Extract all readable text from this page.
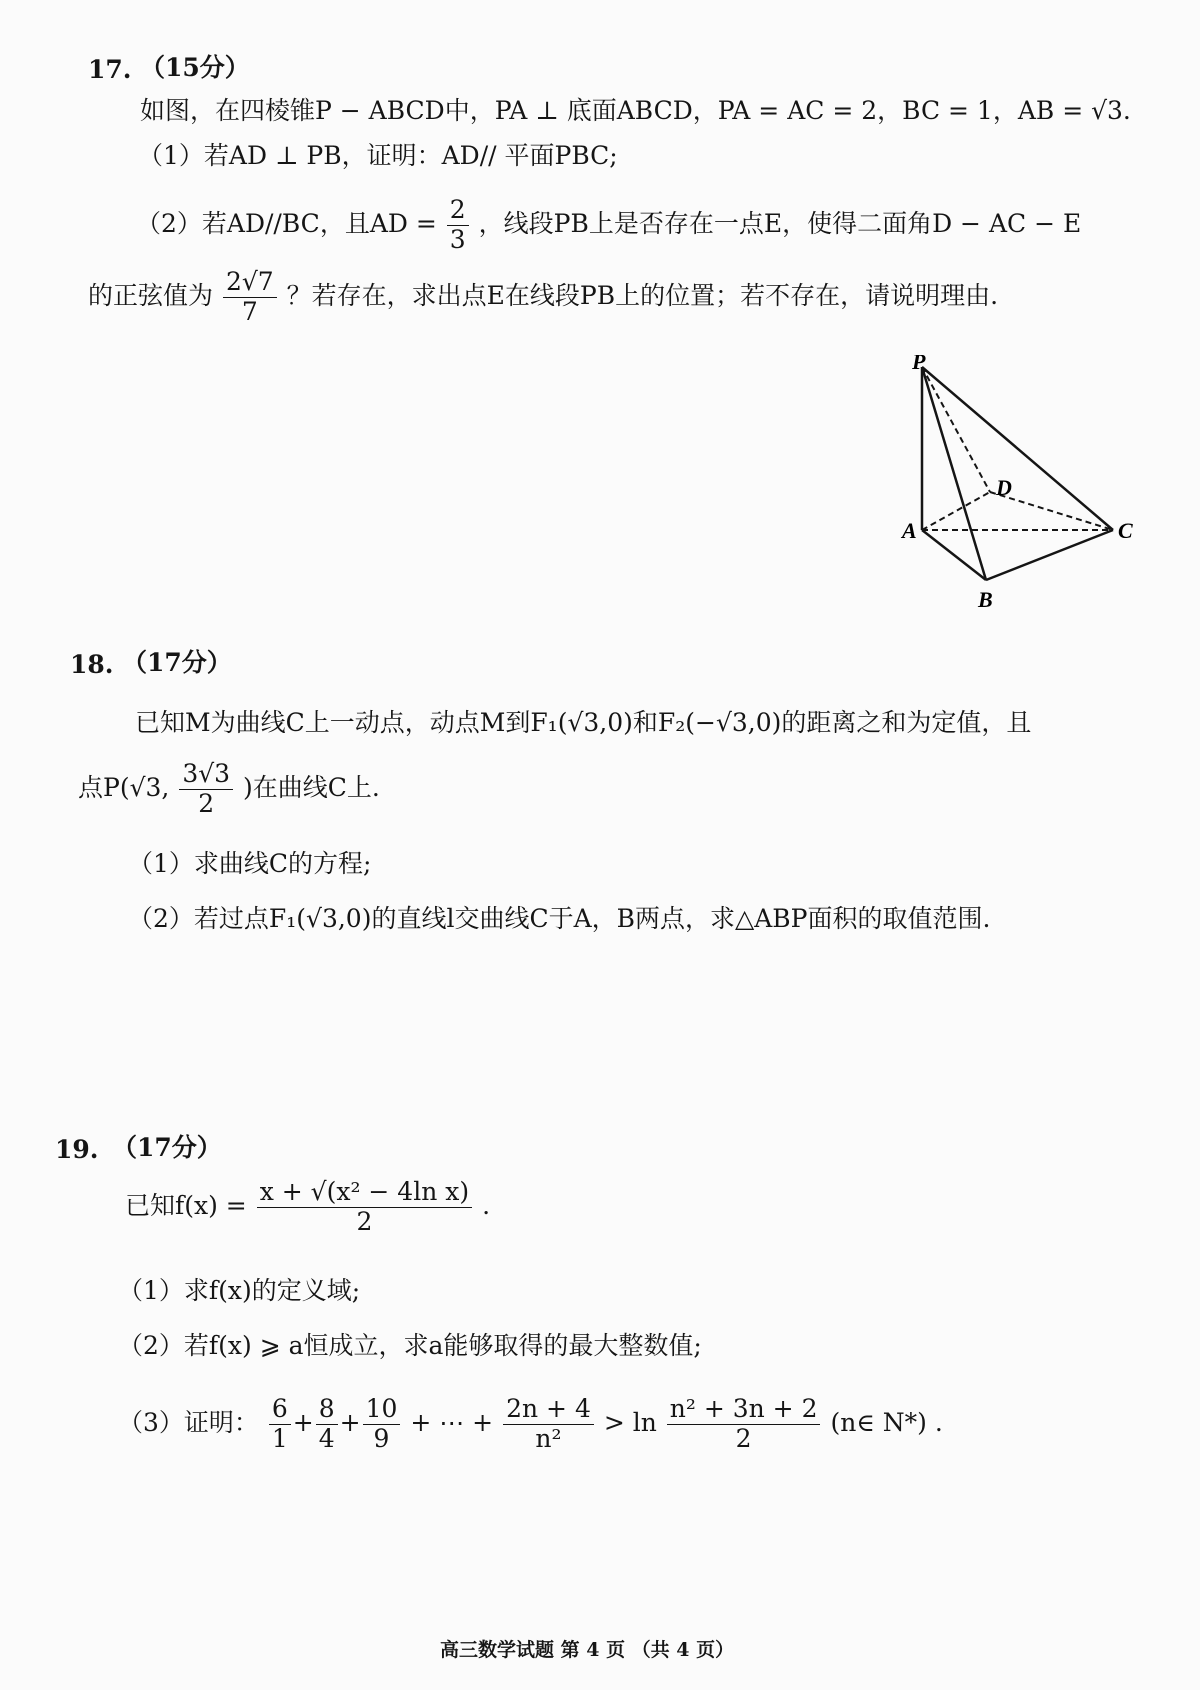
17. （15分）
如图，在四棱锥P − ABCD中，PA ⊥ 底面ABCD，PA = AC = 2，BC = 1，AB = √3.
（1）若AD ⊥ PB，证明：AD// 平面PBC;
（2）若AD//BC，且AD = $\frac{2}{3}$ ，线段PB上是否存在一点E，使得二面角D − AC − E
的正弦值为 $\frac{2√7}{7}$ ？若存在，求出点E在线段PB上的位置；若不存在，请说明理由.
P
D
A	C
B
18. （17分）
已知M为曲线C上一动点，动点M到F₁(√3,0)和F₂(−√3,0)的距离之和为定值，且
点P(√3, $\frac{3√3}{2}$ )在曲线C上.
（1）求曲线C的方程;
（2）若过点F₁(√3,0)的直线l交曲线C于A，B两点，求△ABP面积的取值范围.
19. （17分）
已知$f(x) = \frac{\text{x + √(x² − 4ln x)}}{2}$ .
（1）求f(x)的定义域;
（2）若f(x) ⩾ a恒成立，求a能够取得的最大整数值;
（3）证明： $\frac{6}{1} + \frac{8}{4} + \frac{10}{9}$ + ⋯ + $\frac{2n + 4}{\text{n²}} > \ln \frac{\text{n² + 3n + 2}}{2}$ (n∈ N*) .
高三数学试题 第 4 页 （共 4 页）
